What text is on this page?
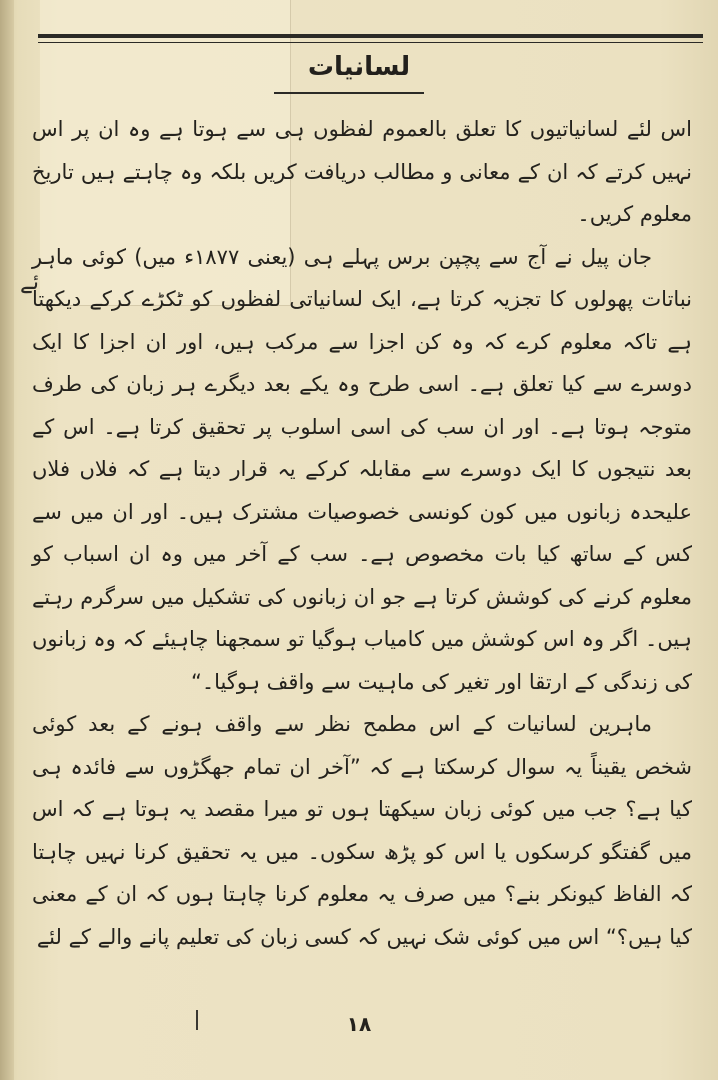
لسانیات
ئے

اس لئے لسانیاتیوں کا تعلق بالعموم لفظوں ہی سے ہوتا ہے وہ ان پر اس نہیں کرتے کہ ان کے معانی و مطالب دریافت کریں بلکہ وہ چاہتے ہیں تاریخ معلوم کریں۔

جان پیل نے آج سے پچپن برس پہلے ہی (یعنی ۱۸۷۷ء میں) کوئی ماہر نباتات پھولوں کا تجزیہ کرتا ہے، ایک لسانیاتی لفظوں کو ٹکڑے کرکے دیکھتا ہے تاکہ معلوم کرے کہ وہ کن اجزا سے مرکب ہیں، اور ان اجزا کا ایک دوسرے سے کیا تعلق ہے۔ اسی طرح وہ یکے بعد دیگرے ہر زبان کی طرف متوجہ ہوتا ہے۔ اور ان سب کی اسی اسلوب پر تحقیق کرتا ہے۔ اس کے بعد نتیجوں کا ایک دوسرے سے مقابلہ کرکے یہ قرار دیتا ہے کہ فلاں فلاں علیحدہ زبانوں میں کون کونسی خصوصیات مشترک ہیں۔ اور ان میں سے کس کے ساتھ کیا بات مخصوص ہے۔ سب کے آخر میں وہ ان اسباب کو معلوم کرنے کی کوشش کرتا ہے جو ان زبانوں کی تشکیل میں سرگرم رہتے ہیں۔ اگر وہ اس کوشش میں کامیاب ہوگیا تو سمجھنا چاہیئے کہ وہ زبانوں کی زندگی کے ارتقا اور تغیر کی ماہیت سے واقف ہوگیا۔“

ماہرین لسانیات کے اس مطمح نظر سے واقف ہونے کے بعد کوئی شخص یقیناً یہ سوال کرسکتا ہے کہ ”آخر ان تمام جھگڑوں سے فائدہ ہی کیا ہے؟ جب میں کوئی زبان سیکھتا ہوں تو میرا مقصد یہ ہوتا ہے کہ اس میں گفتگو کرسکوں یا اس کو پڑھ سکوں۔ میں یہ تحقیق کرنا نہیں چاہتا کہ الفاظ کیونکر بنے؟ میں صرف یہ معلوم کرنا چاہتا ہوں کہ ان کے معنی کیا ہیں؟“ اس میں کوئی شک نہیں کہ کسی زبان کی تعلیم پانے والے کے لئے

۱۸
